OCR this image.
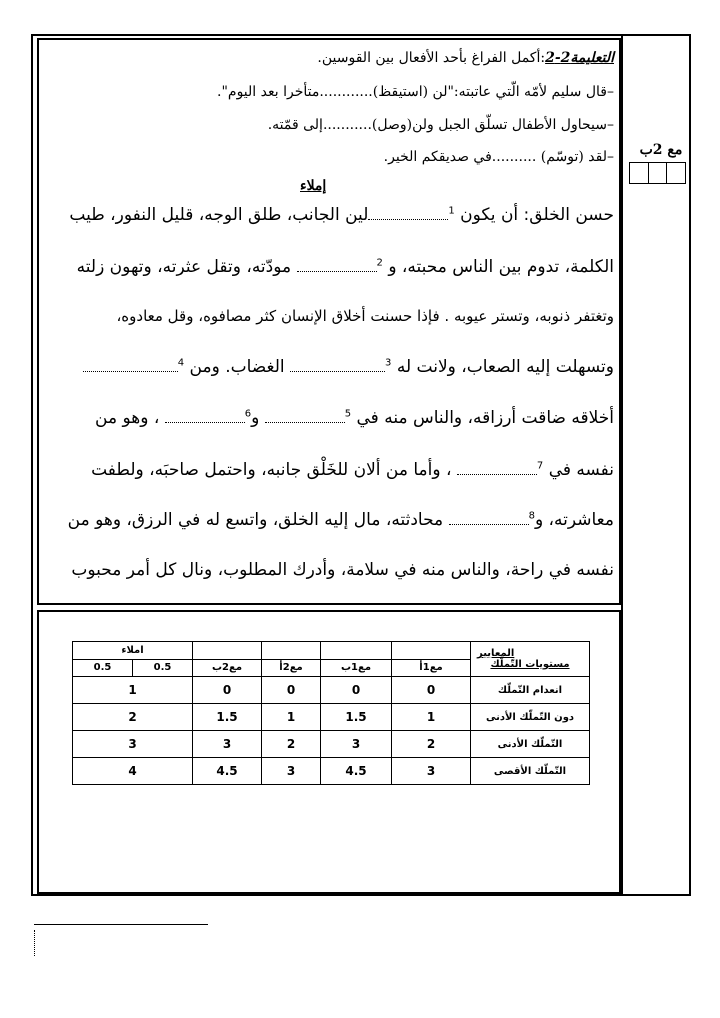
مع 2ب
التعليمة2-2:أكمل الفراغ بأحد الأفعال بين القوسين.
–قال سليم لأمّه الّتي عاتبته:"لن (استيقظ)............متأخرا بعد اليوم".
–سيحاول الأطفال تسلّق الجبل ولن(وصل)...........إلى قمّته.
–لقد (توسّم) ..........في صديقكم الخير.
إملاء
حسن الخلق: أن يكون $^1$لين الجانب، طلق الوجه، قليل النفور، طيب
الكلمة، تدوم بين الناس محبته، و $^2$ مودّته، وتقل عثرته، وتهون زلته
وتغتفر ذنوبه، وتستر عيوبه . فإذا حسنت أخلاق الإنسان كثر مصافوه، وقل معادوه،
وتسهلت إليه الصعاب، ولانت له $^3$ الغضاب. ومن $^4$
أخلاقه ضاقت أرزاقه، والناس منه في $^5$ و$^6$ ، وهو من
نفسه في $^7$ ، وأما من ألان للخَلْق جانبه، واحتمل صاحبَه، ولطفت
معاشرته، و$^8$ محادثته، مال إليه الخلق، واتسع له في الرزق، وهو من
نفسه في راحة، والناس منه في سلامة، وأدرك المطلوب، ونال كل أمر محبوب
المعايير
مستويات التّملّك					املاء	
	مع1أ	مع1ب	مع2أ	مع2ب	0.5	0.5
انعدام التّملّك	0	0	0	0	1	
دون التّملّك الأدنى	1	1.5	1	1.5	2	
التّملّك الأدنى	2	3	2	3	3	
التّملّك الأقصى	3	4.5	3	4.5	4	
